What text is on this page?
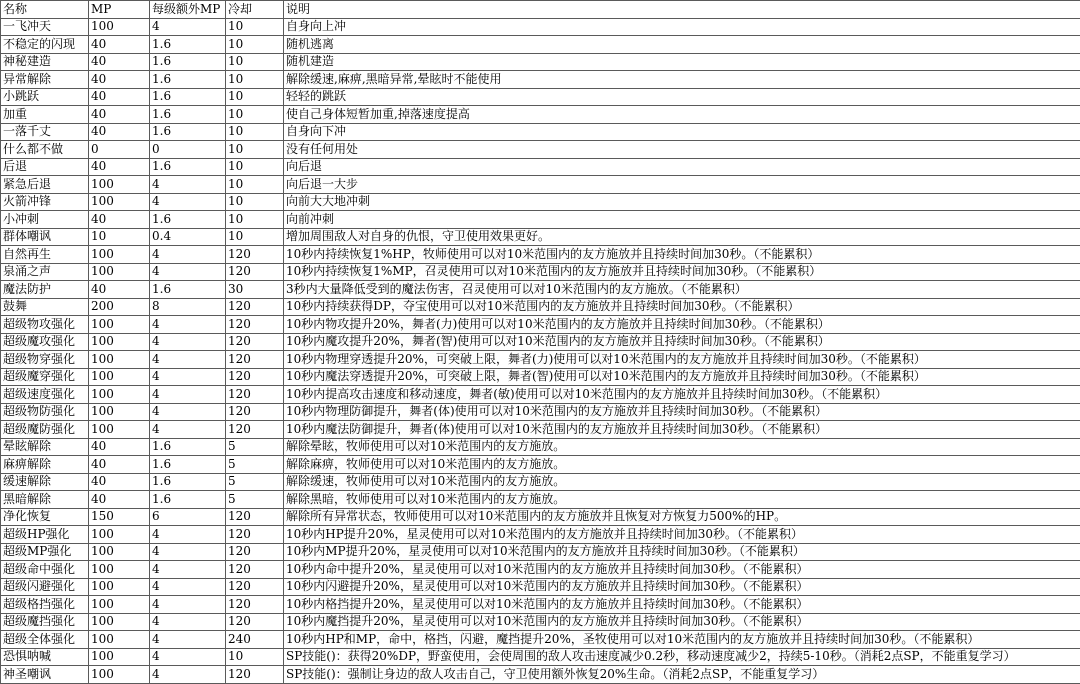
名称	MP	每级额外MP	冷却	说明
一飞冲天	100	4	10	自身向上冲
不稳定的闪现	40	1.6	10	随机逃离
神秘建造	40	1.6	10	随机建造
异常解除	40	1.6	10	解除缓速,麻痹,黑暗异常,晕眩时不能使用
小跳跃	40	1.6	10	轻轻的跳跃
加重	40	1.6	10	使自己身体短暂加重,掉落速度提高
一落千丈	40	1.6	10	自身向下冲
什么都不做	0	0	10	没有任何用处
后退	40	1.6	10	向后退
紧急后退	100	4	10	向后退一大步
火箭冲锋	100	4	10	向前大大地冲刺
小冲刺	40	1.6	10	向前冲刺
群体嘲讽	10	0.4	10	增加周围敌人对自身的仇恨，守卫使用效果更好。
自然再生	100	4	120	10秒内持续恢复1%HP，牧师使用可以对10米范围内的友方施放并且持续时间加30秒。（不能累积）
泉涌之声	100	4	120	10秒内持续恢复1%MP，召灵使用可以对10米范围内的友方施放并且持续时间加30秒。（不能累积）
魔法防护	40	1.6	30	3秒内大量降低受到的魔法伤害，召灵使用可以对10米范围内的友方施放。（不能累积）
鼓舞	200	8	120	10秒内持续获得DP，夺宝使用可以对10米范围内的友方施放并且持续时间加30秒。（不能累积）
超级物攻强化	100	4	120	10秒内物攻提升20%，舞者(力)使用可以对10米范围内的友方施放并且持续时间加30秒。（不能累积）
超级魔攻强化	100	4	120	10秒内魔攻提升20%，舞者(智)使用可以对10米范围内的友方施放并且持续时间加30秒。（不能累积）
超级物穿强化	100	4	120	10秒内物理穿透提升20%，可突破上限，舞者(力)使用可以对10米范围内的友方施放并且持续时间加30秒。（不能累积）
超级魔穿强化	100	4	120	10秒内魔法穿透提升20%，可突破上限，舞者(智)使用可以对10米范围内的友方施放并且持续时间加30秒。（不能累积）
超级速度强化	100	4	120	10秒内提高攻击速度和移动速度，舞者(敏)使用可以对10米范围内的友方施放并且持续时间加30秒。（不能累积）
超级物防强化	100	4	120	10秒内物理防御提升，舞者(体)使用可以对10米范围内的友方施放并且持续时间加30秒。（不能累积）
超级魔防强化	100	4	120	10秒内魔法防御提升，舞者(体)使用可以对10米范围内的友方施放并且持续时间加30秒。（不能累积）
晕眩解除	40	1.6	5	解除晕眩，牧师使用可以对10米范围内的友方施放。
麻痹解除	40	1.6	5	解除麻痹，牧师使用可以对10米范围内的友方施放。
缓速解除	40	1.6	5	解除缓速，牧师使用可以对10米范围内的友方施放。
黑暗解除	40	1.6	5	解除黑暗，牧师使用可以对10米范围内的友方施放。
净化恢复	150	6	120	解除所有异常状态，牧师使用可以对10米范围内的友方施放并且恢复对方恢复力500%的HP。
超级HP强化	100	4	120	10秒内HP提升20%，星灵使用可以对10米范围内的友方施放并且持续时间加30秒。（不能累积）
超级MP强化	100	4	120	10秒内MP提升20%，星灵使用可以对10米范围内的友方施放并且持续时间加30秒。（不能累积）
超级命中强化	100	4	120	10秒内命中提升20%，星灵使用可以对10米范围内的友方施放并且持续时间加30秒。（不能累积）
超级闪避强化	100	4	120	10秒内闪避提升20%，星灵使用可以对10米范围内的友方施放并且持续时间加30秒。（不能累积）
超级格挡强化	100	4	120	10秒内格挡提升20%，星灵使用可以对10米范围内的友方施放并且持续时间加30秒。（不能累积）
超级魔挡强化	100	4	120	10秒内魔挡提升20%，星灵使用可以对10米范围内的友方施放并且持续时间加30秒。（不能累积）
超级全体强化	100	4	240	10秒内HP和MP，命中，格挡，闪避，魔挡提升20%，圣牧使用可以对10米范围内的友方施放并且持续时间加30秒。（不能累积）
恐惧呐喊	100	4	10	SP技能()：获得20%DP，野蛮使用，会使周围的敌人攻击速度减少0.2秒，移动速度减少2，持续5-10秒。（消耗2点SP，不能重复学习）
神圣嘲讽	100	4	120	SP技能()：强制让身边的敌人攻击自己，守卫使用额外恢复20%生命。（消耗2点SP，不能重复学习）
